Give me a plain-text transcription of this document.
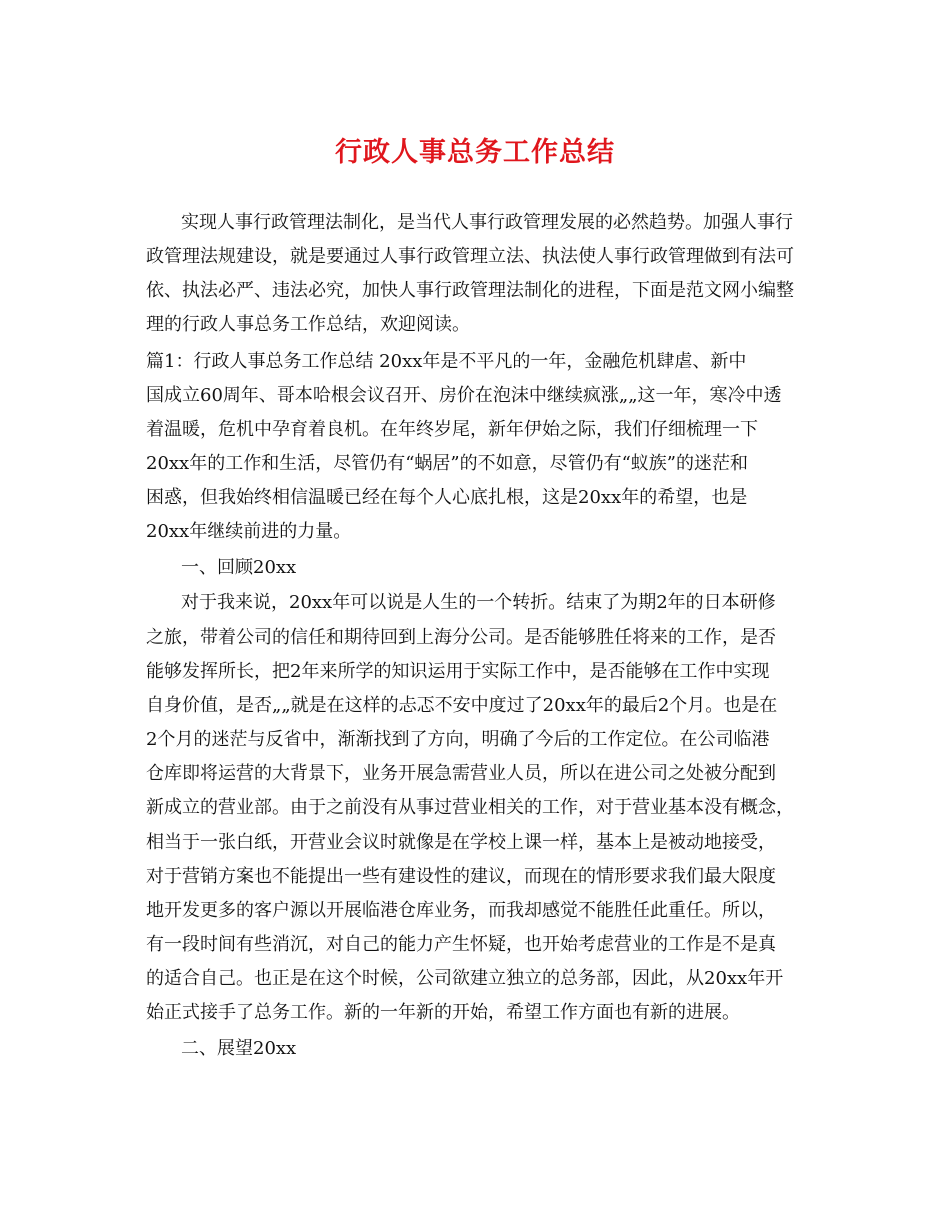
行政人事总务工作总结
实现人事行政管理法制化，是当代人事行政管理发展的必然趋势。加强人事行
政管理法规建设，就是要通过人事行政管理立法、执法使人事行政管理做到有法可
依、执法必严、违法必究，加快人事行政管理法制化的进程，下面是范文网小编整
理的行政人事总务工作总结，欢迎阅读。
篇1：行政人事总务工作总结 20xx年是不平凡的一年，金融危机肆虐、新中
国成立60周年、哥本哈根会议召开、房价在泡沫中继续疯涨„„这一年，寒冷中透
着温暖，危机中孕育着良机。在年终岁尾，新年伊始之际，我们仔细梳理一下
20xx年的工作和生活，尽管仍有“蜗居”的不如意，尽管仍有“蚁族”的迷茫和
困惑，但我始终相信温暖已经在每个人心底扎根，这是20xx年的希望，也是
20xx年继续前进的力量。
一、回顾20xx
对于我来说，20xx年可以说是人生的一个转折。结束了为期2年的日本研修
之旅，带着公司的信任和期待回到上海分公司。是否能够胜任将来的工作，是否
能够发挥所长，把2年来所学的知识运用于实际工作中，是否能够在工作中实现
自身价值，是否„„就是在这样的忐忑不安中度过了20xx年的最后2个月。也是在
2个月的迷茫与反省中，渐渐找到了方向，明确了今后的工作定位。在公司临港
仓库即将运营的大背景下，业务开展急需营业人员，所以在进公司之处被分配到
新成立的营业部。由于之前没有从事过营业相关的工作，对于营业基本没有概念，
相当于一张白纸，开营业会议时就像是在学校上课一样，基本上是被动地接受，
对于营销方案也不能提出一些有建设性的建议，而现在的情形要求我们最大限度
地开发更多的客户源以开展临港仓库业务，而我却感觉不能胜任此重任。所以，
有一段时间有些消沉，对自己的能力产生怀疑，也开始考虑营业的工作是不是真
的适合自己。也正是在这个时候，公司欲建立独立的总务部，因此，从20xx年开
始正式接手了总务工作。新的一年新的开始，希望工作方面也有新的进展。
二、展望20xx
